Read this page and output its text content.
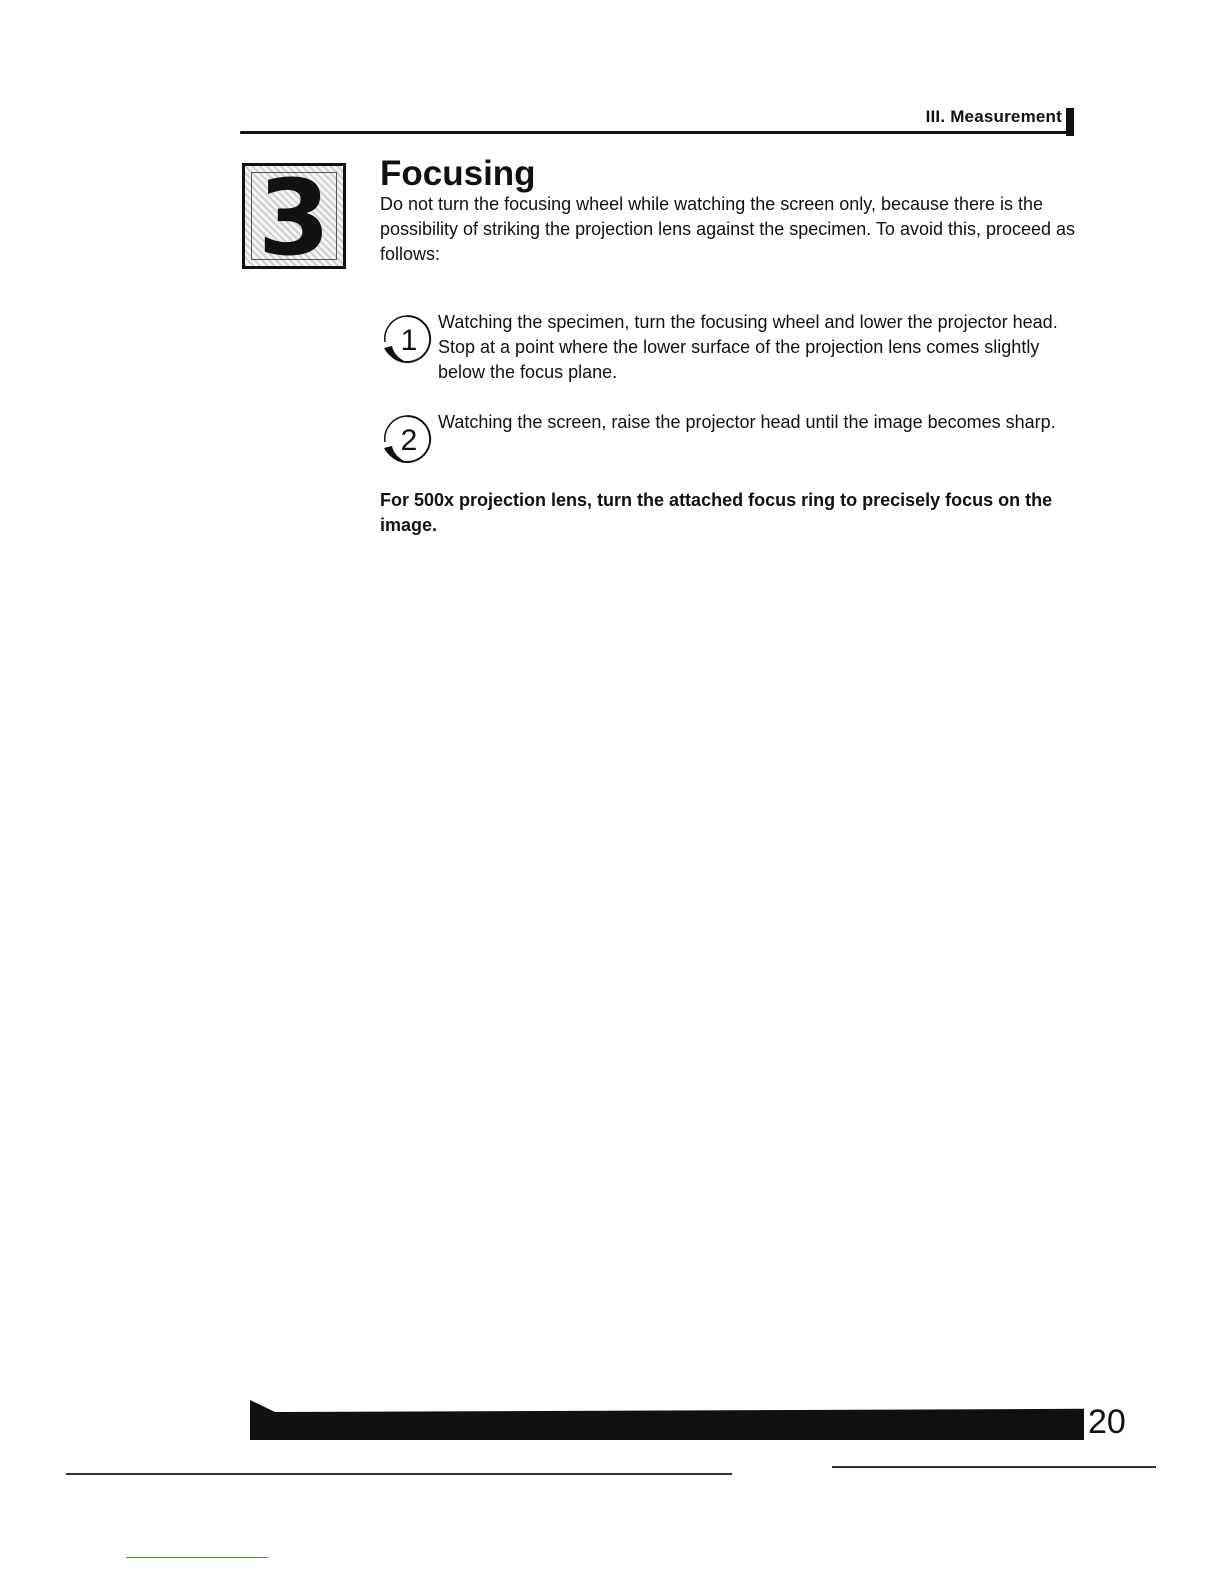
III. Measurement
3	Focusing

Do not turn the focusing wheel while watching the screen only, because there is the possibility of striking the projection lens against the specimen. To avoid this, proceed as follows:

1

Watching the specimen, turn the focusing wheel and lower the projector head. Stop at a point where the lower surface of the projection lens comes slightly below the focus plane.

2

Watching the screen, raise the projector head until the image becomes sharp.

For 500x projection lens, turn the attached focus ring to precisely focus on the image.

20
